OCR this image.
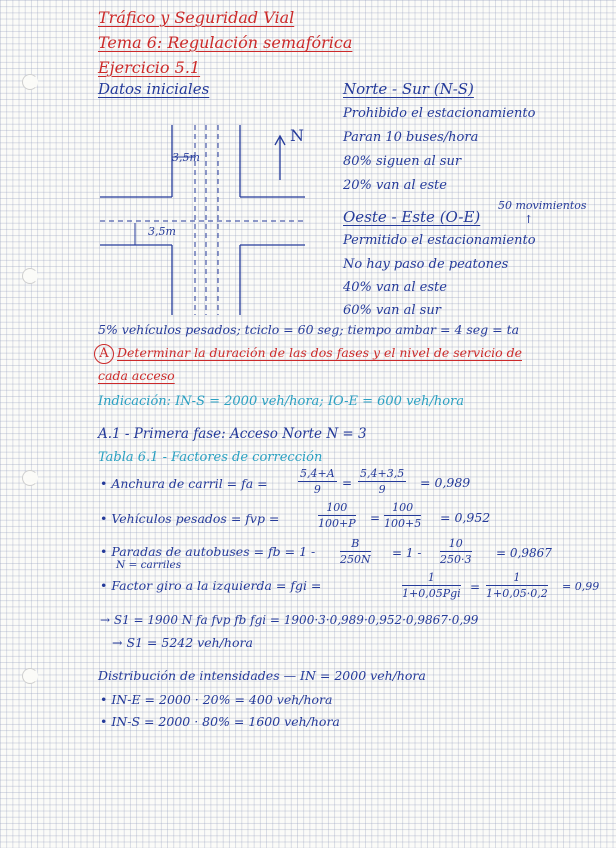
Tráfico y Seguridad Vial
Tema 6: Regulación semafórica
Ejercicio 5.1
Datos iniciales
N
3,5m
3,5m
Norte - Sur (N-S)
Prohibido el estacionamiento
Paran 10 buses/hora
80% siguen al sur
20% van al este
Oeste - Este (O-E)
50 movimientos
↑
Permitido el estacionamiento
No hay paso de peatones
40% van al este
60% van al sur
5% vehículos pesados; tciclo = 60 seg; tiempo ambar = 4 seg = ta
A Determinar la duración de las dos fases y el nivel de servicio de
cada acceso
Indicación: IN-S = 2000 veh/hora; IO-E = 600 veh/hora
A.1 - Primera fase: Acceso Norte N = 3
Tabla 6.1 - Factores de corrección
• Anchura de carril = fa =	$\frac{5,4+A}{9} = \frac{5,4+3,5}{9} = 0,989$
• Vehículos pesados = fvp =	$\frac{100}{100+P} = \frac{100}{100+5} = 0,952$
• Paradas de autobuses = fb = 1 -
N = carriles	$\frac{B}{250N} = 1 - \frac{10}{250\cdot 3} = 0,9867$
• Factor giro a la izquierda = fgi =
1
$1+0,05Pgi = \frac{1}{1+0,05\cdot 0,2} = 0,99$
→ S1 = 1900 N fa fvp fb fgi = 1900·3·0,989·0,952·0,9867·0,99
→ S1 = 5242 veh/hora
Distribución de intensidades — IN = 2000 veh/hora
• IN-E = 2000 · 20% = 400 veh/hora
• IN-S = 2000 · 80% = 1600 veh/hora
